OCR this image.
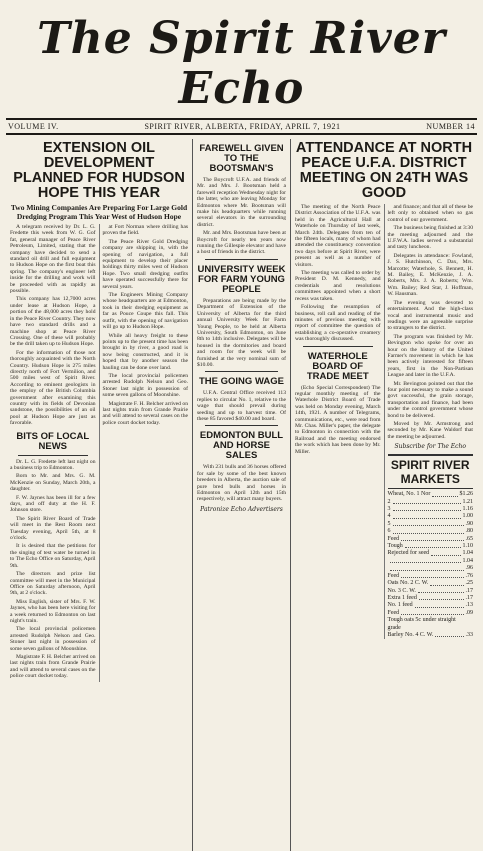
The Spirit River Echo
VOLUME IV.	SPIRIT RIVER, ALBERTA, FRIDAY, APRIL 7, 1921	NUMBER 14
EXTENSION OIL DEVELOPMENT PLANNED FOR HUDSON HOPE THIS YEAR
Two Mining Companies Are Preparing For Large Gold Dredging Program This Year West of Hudson Hope

A telegram received by Dr. L. G. Fredette this week from W. G. Gof fat, general manager of Peace River Petroleum, Limited, stating that the company have decided to send a standard oil drill and full equipment to Hudson Hope on the first boat this spring. The company's engineer left inside for the drilling and work will be proceeded with as rapidly as possible.

This company has 12,7000 acres under lease at Hudson Hope, a portion of the 48,000 acres they hold in the Peace River Country. They now have two standard drills and a machine shop at Peace River Crossing. One of these will probably be the drill taken up to Hudson Hope.

For the information of those not thoroughly acquainted with the North Country. Hudson Hope is 275 miles directly north of Fort Vermilion, and 500 miles west of Spirit River. According to eminent geologists in the employ of the British Columbia government after examining this country with its fields of Devonian sandstone, the possibilities of an oil pool at Hudson Hope are just as favorable.

BITS OF LOCAL NEWS

Dr. L. G. Fredette left last night on a business trip to Edmonton.

Born to Mr. and Mrs. G. M. McKenzie on Sunday, March 20th, a daughter.

F. W. Jaynes has been ill for a few days, and off duty at the H. F. Johnson store.

The Spirit River Board of Trade will meet in the Rest Room next Tuesday evening, April 5th, at 8 o'clock.

It is desired that the petitions for the singing of test water be turned in to The Echo Office on Saturday, April 9th.

The directors and prize list committee will meet in the Municipal Office on Saturday afternoon, April 9th, at 2 o'clock.

Miss English, sister of Mrs. F. W. Jaynes, who has been here visiting for a week returned to Edmonton on last night's train.

The local provincial policemen arrested Rudolph Nelson and Geo. Stoner last night in possession of some seven gallons of Moonshine.

Magistrate F. H. Belcher arrived on last nights train from Grande Prairie and will attend to several cases on the police court docket today.

at Fort Norman where drilling has proven the field.

The Peace River Gold Dredging company are shipping in, with the opening of navigation, a full equipment to develop their placer holdings thirty miles west of Hudson Hope. Two small dredging outfits have operated successfully there for several years.

The Engineers Mining Company whose headquarters are at Edmonton, took in their dredging equipment as far as Pouce Coupe this fall. This outfit, with the opening of navigation will go up to Hudson Hope.

While all heavy freight to these points up to the present time has been brought in by river, a good road is now being constructed, and it is hoped that by another season the hauling can be done over land.

The local provincial policemen arrested Rudolph Nelson and Geo. Stoner last night in possession of some seven gallons of Moonshine.

Magistrate F. H. Belcher arrived on last nights train from Grande Prairie and will attend to several cases on the police court docket today.

FAREWELL GIVEN TO THE BOOTSMAN'S

The Boycroft U.F.A. and friends of Mr. and Mrs. J. Bootsman held a farewell reception Wednesday night for the latter, who are leaving Monday for Edmonton where Mr. Bootsman will make his headquarters while running several elevators in the surrounding district.

Mr. and Mrs. Bootsman have been at Boycroft for nearly ten years now running the Gillespie elevator and have a host of friends in the district.

UNIVERSITY WEEK FOR FARM YOUNG PEOPLE

Preparations are being made by the Department of Extension of the University of Alberta for the third annual University Week for Farm Young People, to be held at Alberta University, South Edmonton, on June 8th to 14th inclusive. Delegates will be housed in the dormitories and board and room for the week will be furnished at the very nominal sum of $10.00.

THE GOING WAGE

U.F.A. Central Office received 113 replies to circular No. 1, relative to the wage that should prevail during seeding and up to harvest time. Of these 85 favored $40.00 and board.

EDMONTON BULL AND HORSE SALES

With 231 bulls and 36 horses offered for sale by some of the best known breeders in Alberta, the auction sale of pure bred bulls and horses in Edmonton on April 12th and 15th respectively, will attract many buyers.

Patronize Echo Advertisers
ATTENDANCE AT NORTH PEACE U.F.A. DISTRICT MEETING ON 24TH WAS GOOD

The meeting of the North Peace District Association of the U.F.A. was held in the Agricultural Hall at Waterhole on Thursday of last week, March 24th. Delegates from ten of the fifteen locals, many of whom had attended the constituency convention two days before at Spirit River, were present as well as a number of visitors.

The meeting was called to order by President D. M. Kennedy, and credentials and resolutions committees appointed when a short recess was taken.

Following the resumption of business, roll call and reading of the minutes of previous meeting with report of committee the question of establishing a co-operative creamery was thoroughly discussed.

WATERHOLE BOARD OF TRADE MEET

(Echo Special Correspondent) The regular monthly meeting of the Waterhole District Board of Trade was held on Monday evening, March 14th, 1921. A number of Telegrams, communications, etc., were read from Mr. Chas. Miller's paper, the delegate to Edmonton in connection with the Railroad and the meeting endorsed the work which has been done by Mr. Miller.

and finance; and that all of these be left only to obtained when so gas control of our government.

The business being finished at 3:30 the meeting adjourned and the U.F.W.A. ladies served a substantial and tasty luncheon.

Delegates in attendance: Fowland, J. S. Hutchinson, C. Dax, Mrs. Marcotte; Waterhole, S. Bennett, H. M. Bailey, E. McKenzie, J. A. Roberts, Mrs. J. A. Roberts; Wm. Wm. Bailey; Red Star, J. Hoffman, W. Hausman.

The evening was devoted to entertainment. And the high-class vocal and instrumental music and readings were an agreeable surprise to strangers to the district.

The program was finished by Mr. Bevington who spoke for over an hour on the history of the United Farmer's movement in which he has been actively interested for fifteen years, first in the Non-Partisan League and later in the U.F.A.

Mr. Bevington pointed out that the four point necessary to make a sound govt successful, the grain storage, transportation and finance, had been under the control government whose bond to be delivered.

Moved by Mr. Armstrong and seconded by Mr. Kane Waldorf that the meeting be adjourned.

Subscribe for The Echo
SPIRIT RIVER MARKETS
Wheat, No. 1 Nor	$1.26
2	1.21
3	1.16
4	1.00
5	.90
6	.80
Feed	.65
Tough	1.10
Rejected for seed	1.04
1.04
.96
Feed	.76
Oats No. 2 C. W.	.25
No. 3 C. W.	.17
Extra 1 feed	.17
No. 1 feed	.13
Feed	.09
Tough oats 5c under straight grade
Barley No. 4 C. W.	.33
